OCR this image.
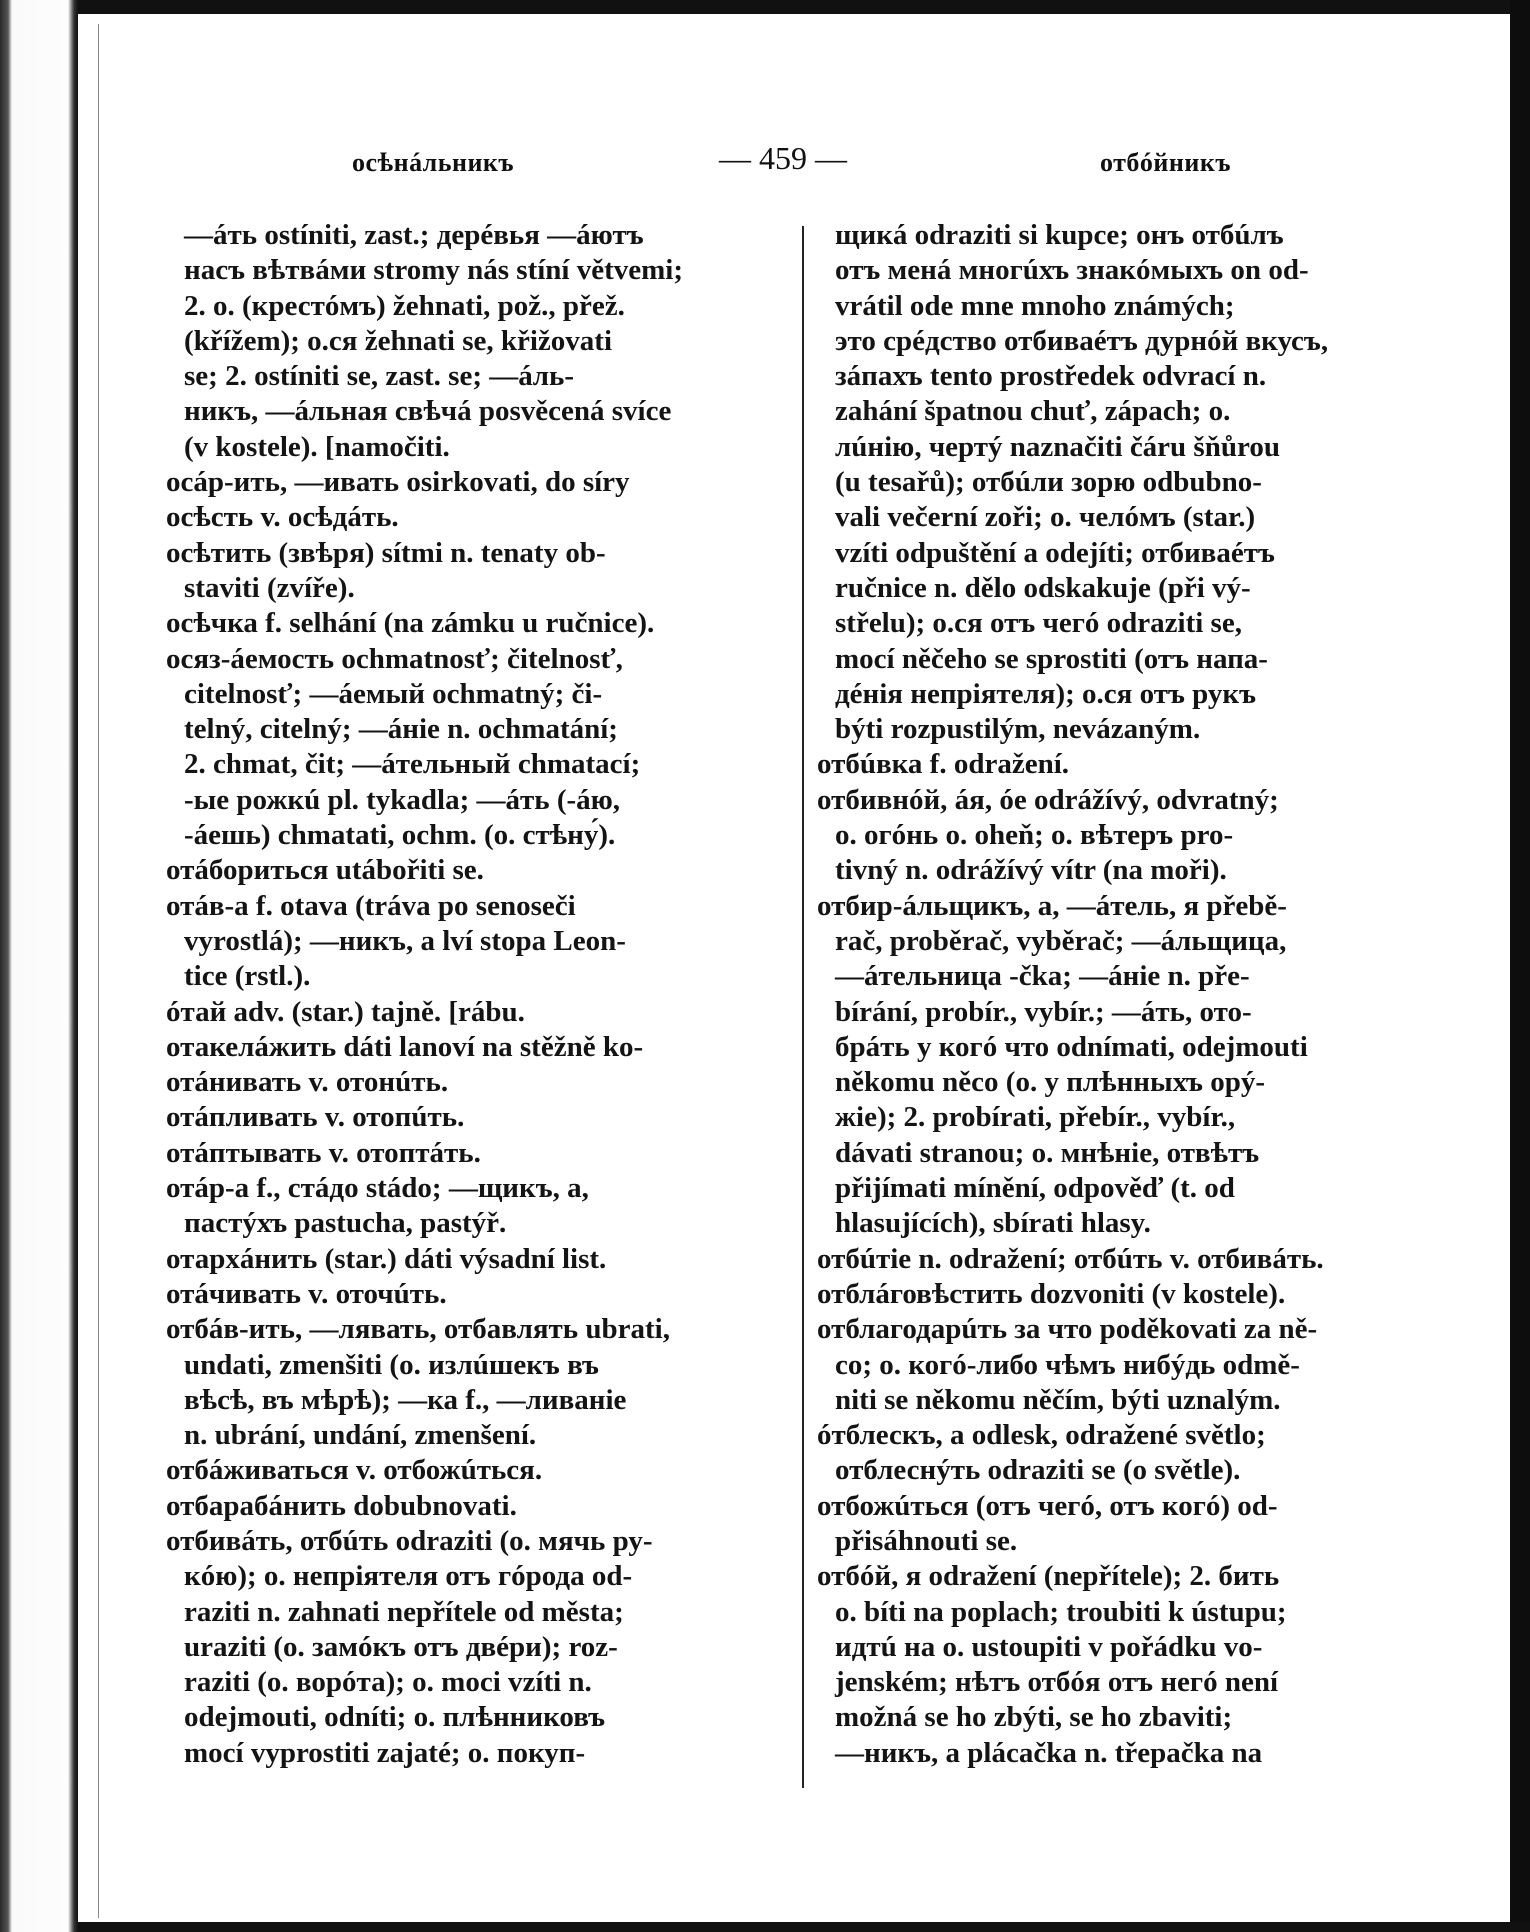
осѣнáльникъ	— 459 —	отбóйникъ
—áть ostíniti, zast.; дерéвья —áютъ
насъ вѣтвáми stromy nás stíní větvemi;
2. o. (крестóмъ) žehnati, pož., přež.
(křížem); o.ся žehnati se, křižovati
se; 2. ostíniti se, zast. se; —áль-
никъ, —áльная свѣчá posvěcená svíce
(v kostele). [namočiti.
осáр-ить, —ивать osirkovati, do síry
осѣсть v. осѣдáть.
осѣтить (звѣря) sítmi n. tenaty ob-
staviti (zvíře).
осѣчка f. selhání (na zámku u ručnice).
осяз-áемость ochmatnosť; čitelnosť,
citelnosť; —áемый ochmatný; či-
telný, citelný; —áніе n. ochmatání;
2. chmat, čit; —áтельный chmatací;
-ые рожкú pl. tykadla; —áть (-áю,
-áешь) chmatati, ochm. (o. стѣну́).
отáборитьcя utábořiti se.
отáв-а f. otava (tráva po senoseči
vyrostlá); —никъ, a lví stopa Leon-
tice (rstl.).
óтай adv. (star.) tajně. [rábu.
отакелáжить dáti lanoví na stěžně ko-
отáнивать v. отонúть.
отáпливать v. отопúть.
отáптывать v. отоптáть.
отáр-а f., стáдо stádo; —щикъ, a,
пастýхъ pastucha, pastýř.
отархáнить (star.) dáti výsadní list.
отáчивать v. оточúть.
отбáв-ить, —лявать, отбавлять ubrati,
undati, zmenšiti (o. излúшекъ въ
вѣсѣ, въ мѣрѣ); —ка f., —ливаніе
n. ubrání, undání, zmenšení.
отбáживаться v. отбожúться.
отбарабáнить dobubnovati.
отбивáть, отбúть odraziti (o. мячь ру-
кóю); o. непріятеля отъ гóрода od-
raziti n. zahnati nepřítele od města;
uraziti (o. замóкъ отъ двéри); roz-
raziti (o. ворóта); o. moci vzíti n.
odejmouti, odníti; o. плѣнниковъ
mocí vyprostiti zajaté; o. покуп-
щикá odraziti si kupce; онъ отбúлъ
отъ менá многúхъ знакóмыхъ on od-
vrátil ode mne mnoho známých;
это срéдство отбиваéтъ дурнóй вкусъ,
зáпахъ tento prostředek odvrací n.
zahání špatnou chuť, zápach; o.
лúнію, чертý naznačiti čáru šňůrou
(u tesařů); отбúли зорю odbubno-
vali večerní zoři; o. челóмъ (star.)
vzíti odpuštění a odejíti; отбиваéтъ
ručnice n. dělo odskakuje (při vý-
střelu); o.ся отъ чегó odraziti se,
mocí něčeho se sprostiti (отъ напа-
дéнія непріятеля); o.ся отъ рукъ
býti rozpustilým, nevázaným.
отбúвка f. odražení.
отбивнóй, áя, óе odrážívý, odvratný;
o. огóнь o. oheň; o. вѣтеръ pro-
tivný n. odrážívý vítr (na moři).
отбир-áльщикъ, a, —áтель, я přebě-
rač, proběrač, vyběrač; —áльщица,
—áтельница -čka; —áніе n. pře-
bírání, probír., vybír.; —áть, ото-
брáть у когó что odnímati, odejmouti
někomu něco (o. у плѣнныхъ орý-
жіе); 2. probírati, přebír., vybír.,
dávati stranou; o. мнѣніе, отвѣтъ
přijímati mínění, odpověď (t. od
hlasujících), sbírati hlasy.
отбúтіе n. odražení; отбúть v. отбивáть.
отблáговѣстить dozvoniti (v kostele).
отблагодарúть за что poděkovati za ně-
co; o. когó-либо чѣмъ нибýдь odmě-
niti se někomu něčím, býti uznalým.
óтблескъ, a odlesk, odražené světlo;
отблеснýть odraziti se (o světle).
отбожúться (отъ чегó, отъ когó) od-
přisáhnouti se.
отбóй, я odražení (nepřítele); 2. бить
o. bíti na poplach; troubiti k ústupu;
идтú на o. ustoupiti v pořádku vo-
jenském; нѣтъ отбóя отъ негó není
možná se ho zbýti, se ho zbaviti;
—никъ, a plácačka n. třepačka na
